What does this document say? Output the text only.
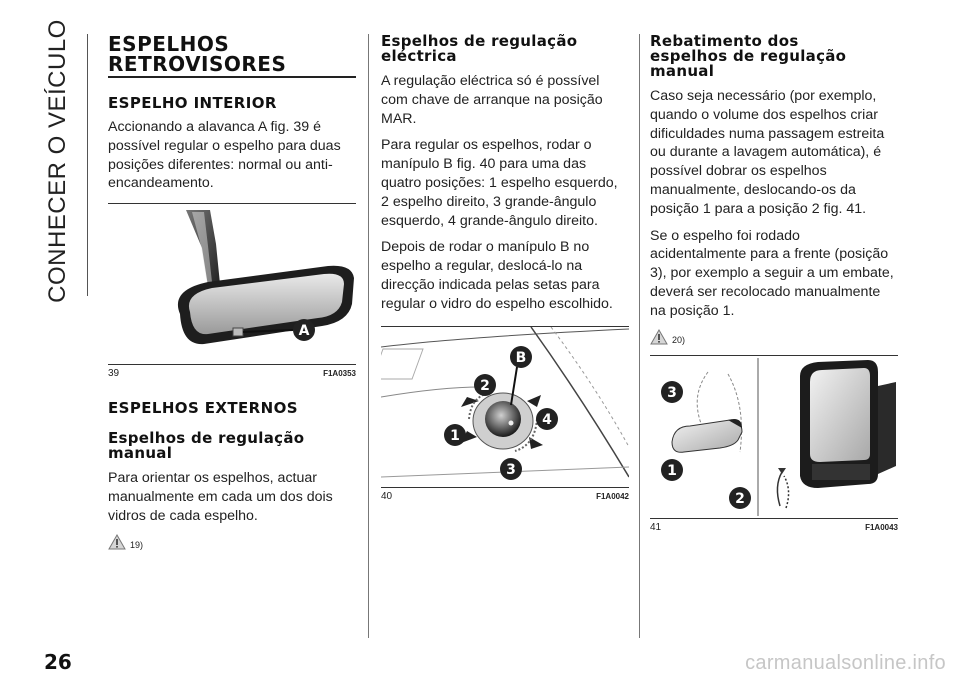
CONHECER O VEÍCULO ESPELHOS
RETROVISORES
ESPELHO INTERIOR

Accionando a alavanca A fig. 39 é possível regular o espelho para duas posições diferentes: normal ou anti-encandeamento.

A
39	F1A0353
ESPELHOS EXTERNOS
Espelhos de regulação
manual

Para orientar os espelhos, actuar manualmente em cada um dos dois vidros de cada espelho.

19)
Espelhos de regulação
eléctrica

A regulação eléctrica só é possível com chave de arranque na posição MAR.

Para regular os espelhos, rodar o manípulo B fig. 40 para uma das quatro posições: 1 espelho esquerdo, 2 espelho direito, 3 grande-ângulo esquerdo, 4 grande-ângulo direito.

Depois de rodar o manípulo B no espelho a regular, deslocá-lo na direcção indicada pelas setas para regular o vidro do espelho escolhido.

B
2
4
1
3
40	F1A0042
Rebatimento dos
espelhos de regulação
manual

Caso seja necessário (por exemplo, quando o volume dos espelhos criar dificuldades numa passagem estreita ou durante a lavagem automática), é possível dobrar os espelhos manualmente, deslocando-os da posição 1 para a posição 2 fig. 41.

Se o espelho foi rodado acidentalmente para a frente (posição 3), por exemplo a seguir a um embate, deverá ser recolocado manualmente na posição 1.

20)
3
1
2
41	F1A0043
26	carmanualsonline.info
